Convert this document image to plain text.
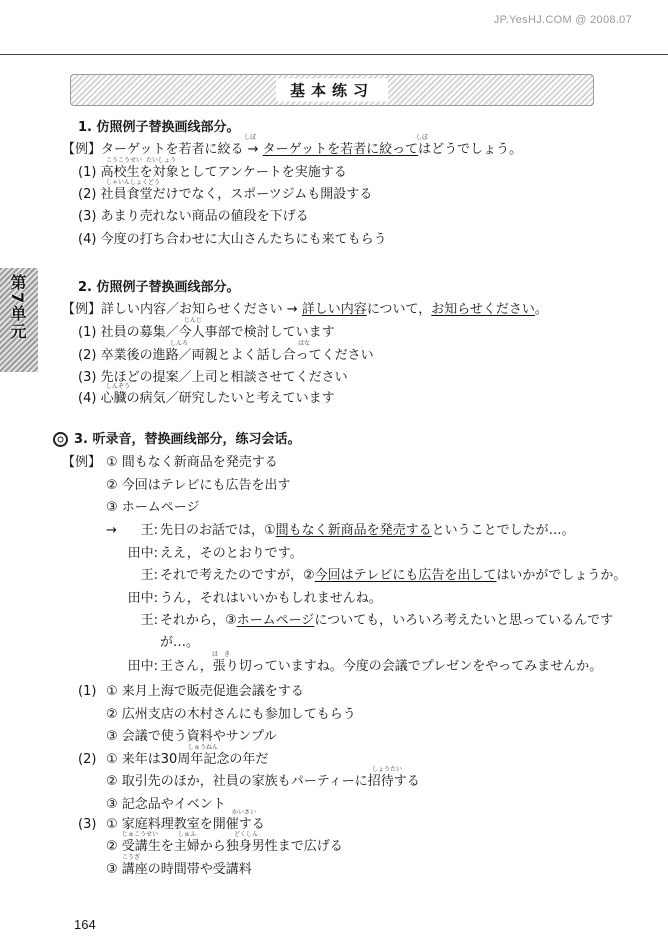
JP.YesHJ.COM @ 2008.07
基本练习
第7单元
1. 仿照例子替换画线部分。
しぼ	しぼ
【例】ターゲットを若者に絞る → ターゲットを若者に絞ってはどうでしょう。
こうこうせい たいしょう
(1) 高校生を対象としてアンケートを実施する
しゃいんしょくどう
(2) 社員食堂だけでなく，スポーツジムも開設する
(3) あまり売れない商品の値段を下げる
(4) 今度の打ち合わせに大山さんたちにも来てもらう
2. 仿照例子替换画线部分。
【例】詳しい内容／お知らせください → 詳しい内容について，お知らせください。
じんじ
(1) 社員の募集／今人事部で検討しています
しんろ	はな
(2) 卒業後の進路／両親とよく話し合ってください
(3) 先ほどの提案／上司と相談させてください
しんぞう
(4) 心臓の病気／研究したいと考えています
3. 听录音，替换画线部分，练习会话。
【例】 ① 間もなく新商品を発売する
② 今回はテレビにも広告を出す
③ ホームページ
→	王: 先日のお話では，①間もなく新商品を発売するということでしたが…。
田中: ええ，そのとおりです。
王: それで考えたのですが，②今回はテレビにも広告を出してはいかがでしょうか。
田中: うん，それはいいかもしれませんね。
王: それから，③ホームページについても，いろいろ考えたいと思っているんです
が…。
は　き
田中: 王さん，張り切っていますね。今度の会議でプレゼンをやってみませんか。
(1) ① 来月上海で販売促進会議をする
② 広州支店の木村さんにも参加してもらう
③ 会議で使う資料やサンプル
しゅうねん
(2) ① 来年は30周年記念の年だ
しょうたい
② 取引先のほか，社員の家族もパーティーに招待する
③ 記念品やイベント
かいさい
(3) ① 家庭料理教室を開催する
じゅこうせい	しゅふ	どくしん
② 受講生を主婦から独身男性まで広げる
こうざ
③ 講座の時間帯や受講料
164
